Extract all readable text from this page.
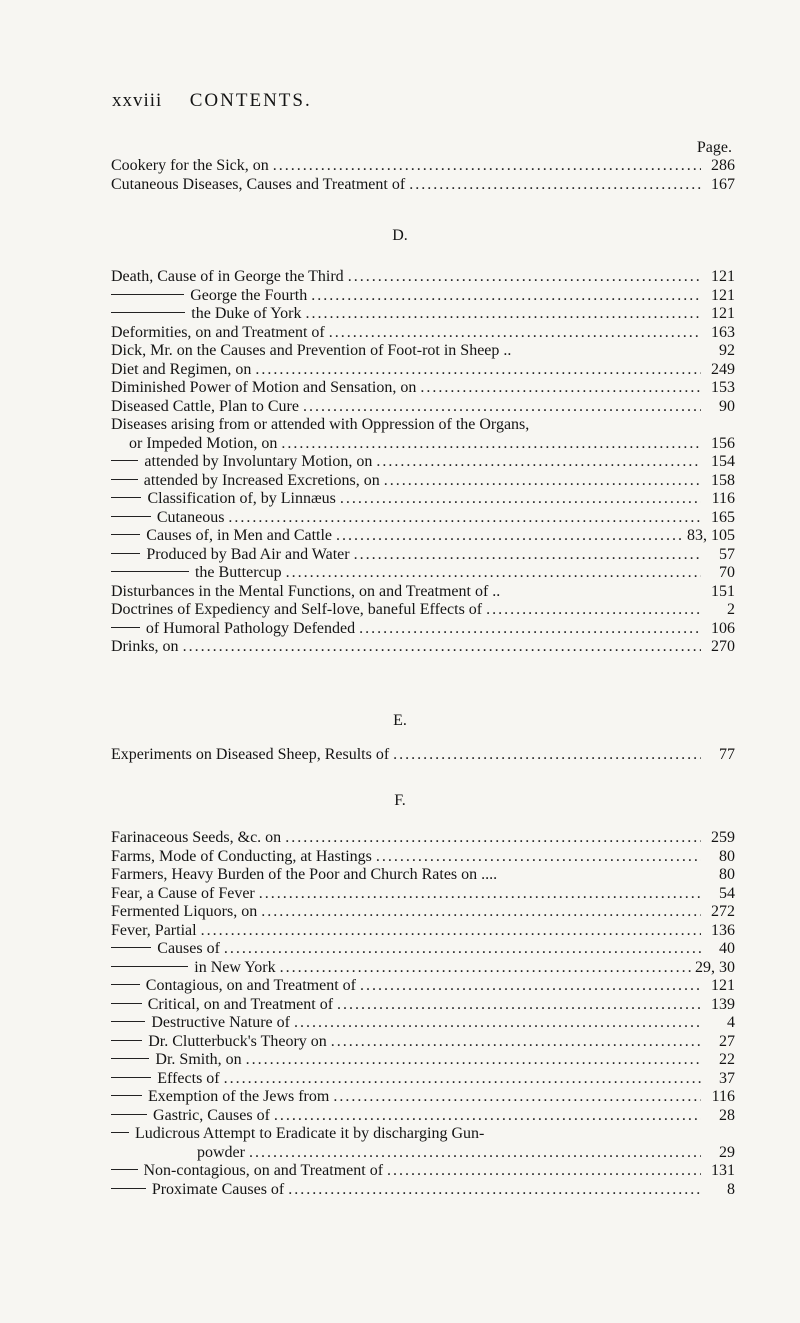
xxviii CONTENTS.
Page.
Cookery for the Sick, on .....	286
Cutaneous Diseases, Causes and Treatment of .....	167
D.
Death, Cause of in George the Third .....	121
George the Fourth .....	121
the Duke of York .....	121
Deformities, on and Treatment of .....	163
Dick, Mr. on the Causes and Prevention of Foot-rot in Sheep ..	92
Diet and Regimen, on .....	249
Diminished Power of Motion and Sensation, on .....	153
Diseased Cattle, Plan to Cure .....	90
Diseases arising from or attended with Oppression of the Organs,
or Impeded Motion, on .....	156
attended by Involuntary Motion, on .....	154
attended by Increased Excretions, on .....	158
Classification of, by Linnæus .....	116
Cutaneous .....	165
Causes of, in Men and Cattle .....	83, 105
Produced by Bad Air and Water .....	57
the Buttercup .....	70
Disturbances in the Mental Functions, on and Treatment of ..	151
Doctrines of Expediency and Self-love, baneful Effects of .....	2
of Humoral Pathology Defended .....	106
Drinks, on .....	270
E.
Experiments on Diseased Sheep, Results of .....	77
F.
Farinaceous Seeds, &c. on .....	259
Farms, Mode of Conducting, at Hastings .....	80
Farmers, Heavy Burden of the Poor and Church Rates on ....	80
Fear, a Cause of Fever .....	54
Fermented Liquors, on .....	272
Fever, Partial .....	136
Causes of .....	40
in New York .....	29, 30
Contagious, on and Treatment of .....	121
Critical, on and Treatment of .....	139
Destructive Nature of .....	4
Dr. Clutterbuck's Theory on .....	27
Dr. Smith, on .....	22
Effects of .....	37
Exemption of the Jews from .....	116
Gastric, Causes of .....	28
Ludicrous Attempt to Eradicate it by discharging Gun-
powder .....	29
Non-contagious, on and Treatment of .....	131
Proximate Causes of .....	8
